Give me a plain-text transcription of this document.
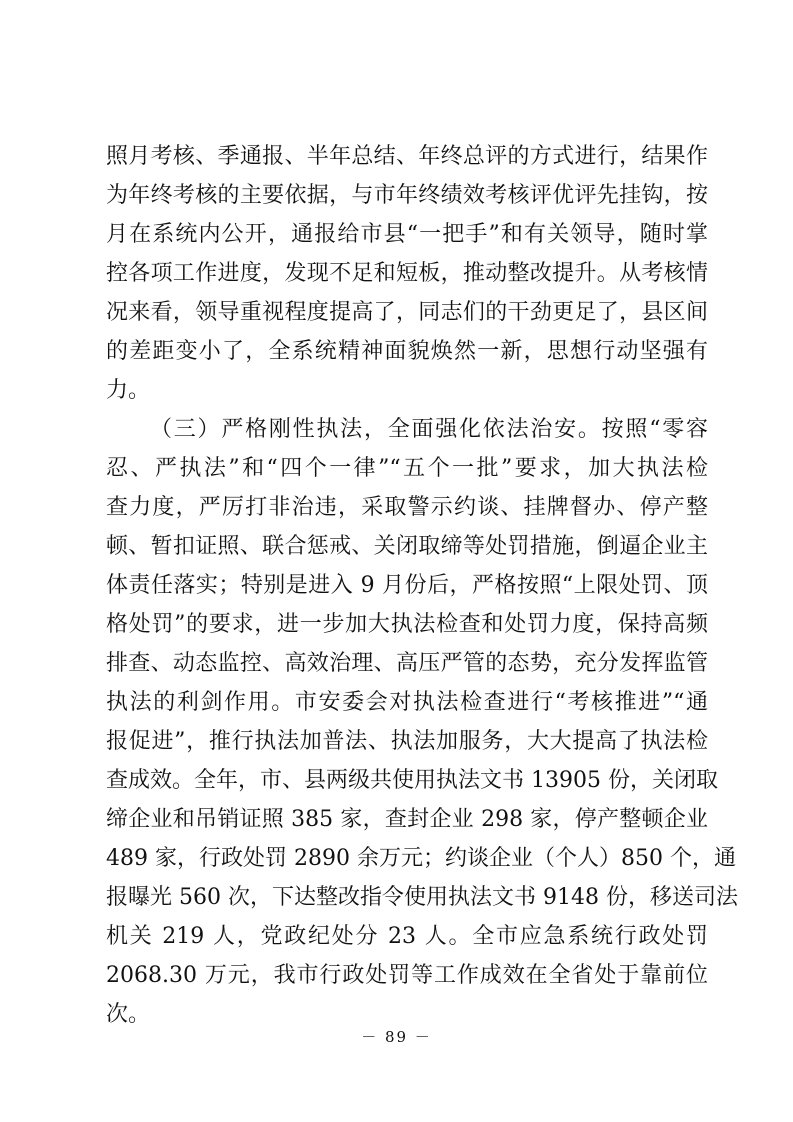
照月考核、季通报、半年总结、年终总评的方式进行，结果作
为年终考核的主要依据，与市年终绩效考核评优评先挂钩，按
月在系统内公开，通报给市县“一把手”和有关领导，随时掌
控各项工作进度，发现不足和短板，推动整改提升。从考核情
况来看，领导重视程度提高了，同志们的干劲更足了，县区间
的差距变小了，全系统精神面貌焕然一新，思想行动坚强有
力。
（三）严格刚性执法，全面强化依法治安。按照“零容
忍、严执法”和“四个一律”“五个一批”要求，加大执法检
查力度，严厉打非治违，采取警示约谈、挂牌督办、停产整
顿、暂扣证照、联合惩戒、关闭取缔等处罚措施，倒逼企业主
体责任落实；特别是进入 9 月份后，严格按照“上限处罚、顶
格处罚”的要求，进一步加大执法检查和处罚力度，保持高频
排查、动态监控、高效治理、高压严管的态势，充分发挥监管
执法的利剑作用。市安委会对执法检查进行“考核推进”“通
报促进”，推行执法加普法、执法加服务，大大提高了执法检
查成效。全年，市、县两级共使用执法文书 13905 份，关闭取
缔企业和吊销证照 385 家，查封企业 298 家，停产整顿企业
489 家，行政处罚 2890 余万元；约谈企业（个人）850 个，通
报曝光 560 次，下达整改指令使用执法文书 9148 份，移送司法
机关 219 人，党政纪处分 23 人。全市应急系统行政处罚
2068.30 万元，我市行政处罚等工作成效在全省处于靠前位
次。
－ 89 －
